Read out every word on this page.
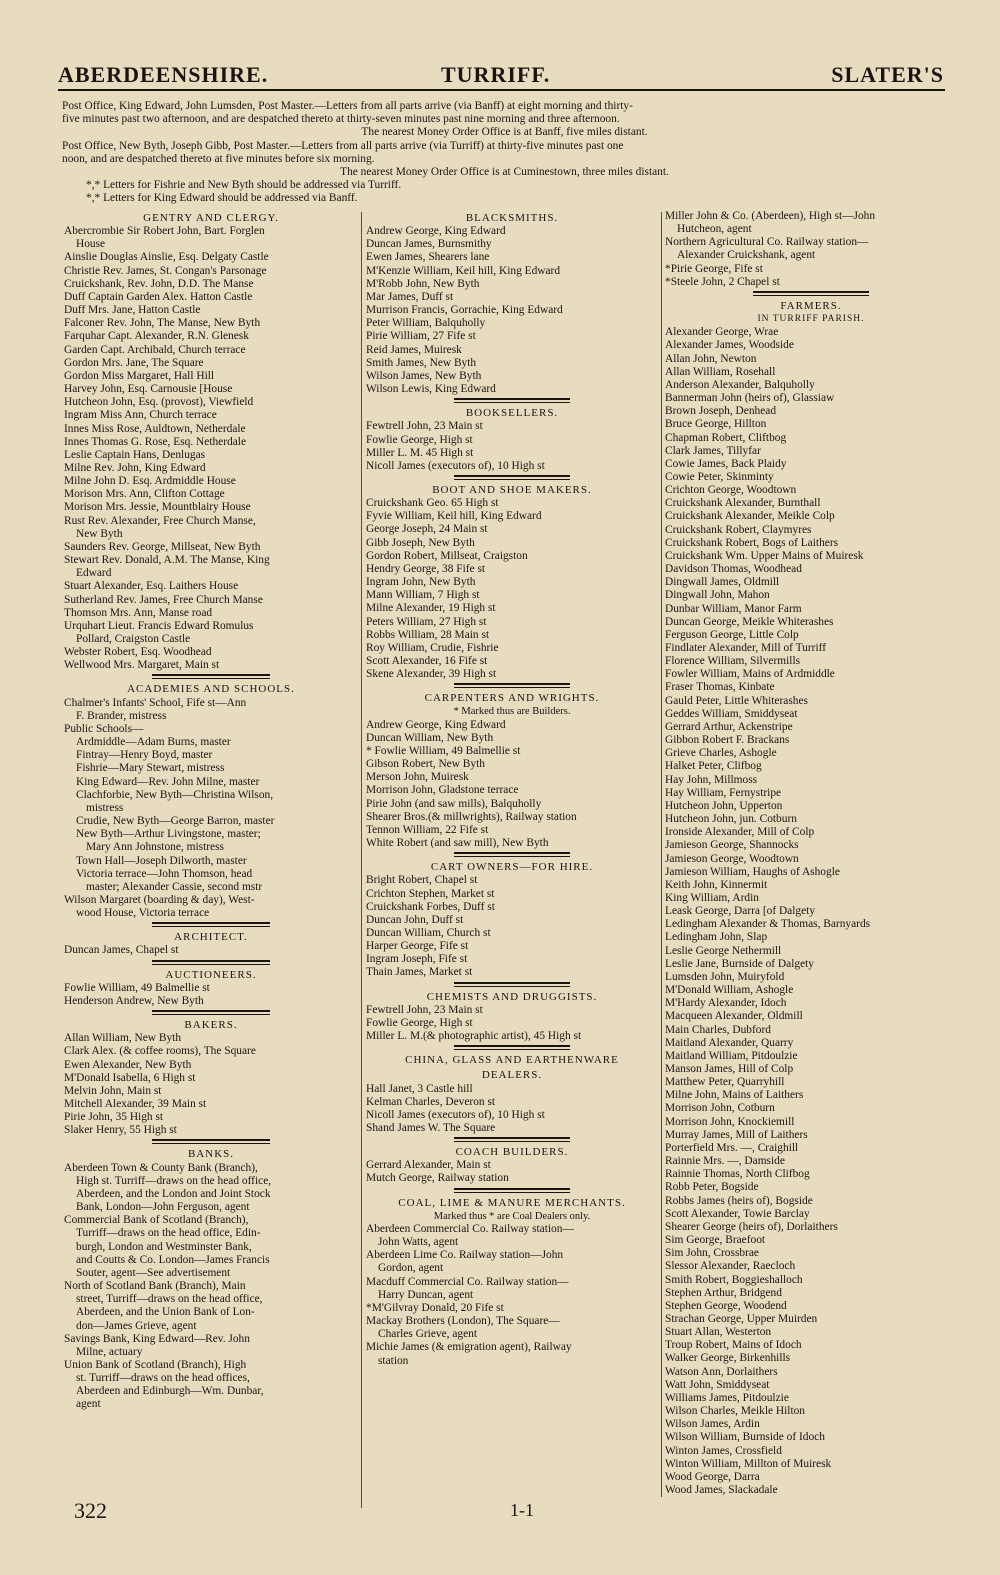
ABERDEENSHIRE.	TURRIFF.	SLATER'S
Post Office, King Edward, John Lumsden, Post Master.—Letters from all parts arrive (via Banff) at eight morning and thirty-
five minutes past two afternoon, and are despatched thereto at thirty-seven minutes past nine morning and three afternoon.
The nearest Money Order Office is at Banff, five miles distant.
Post Office, New Byth, Joseph Gibb, Post Master.—Letters from all parts arrive (via Turriff) at thirty-five minutes past one
noon, and are despatched thereto at five minutes before six morning.
The nearest Money Order Office is at Cuminestown, three miles distant.
*,* Letters for Fishrie and New Byth should be addressed via Turriff.
*,* Letters for King Edward should be addressed via Banff.
GENTRY AND CLERGY.
Abercrombie Sir Robert John, Bart. Forglen
House
Ainslie Douglas Ainslie, Esq. Delgaty Castle
Christie Rev. James, St. Congan's Parsonage
Cruickshank, Rev. John, D.D. The Manse
Duff Captain Garden Alex. Hatton Castle
Duff Mrs. Jane, Hatton Castle
Falconer Rev. John, The Manse, New Byth
Farquhar Capt. Alexander, R.N. Glenesk
Garden Capt. Archibald, Church terrace
Gordon Mrs. Jane, The Square
Gordon Miss Margaret, Hall Hill
Harvey John, Esq. Carnousie [House
Hutcheon John, Esq. (provost), Viewfield
Ingram Miss Ann, Church terrace
Innes Miss Rose, Auldtown, Netherdale
Innes Thomas G. Rose, Esq. Netherdale
Leslie Captain Hans, Denlugas
Milne Rev. John, King Edward
Milne John D. Esq. Ardmiddle House
Morison Mrs. Ann, Clifton Cottage
Morison Mrs. Jessie, Mountblairy House
Rust Rev. Alexander, Free Church Manse,
New Byth
Saunders Rev. George, Millseat, New Byth
Stewart Rev. Donald, A.M. The Manse, King
Edward
Stuart Alexander, Esq. Laithers House
Sutherland Rev. James, Free Church Manse
Thomson Mrs. Ann, Manse road
Urquhart Lieut. Francis Edward Romulus
Pollard, Craigston Castle
Webster Robert, Esq. Woodhead
Wellwood Mrs. Margaret, Main st
ACADEMIES AND SCHOOLS.
Chalmer's Infants' School, Fife st—Ann
F. Brander, mistress
Public Schools—
Ardmiddle—Adam Burns, master
Fintray—Henry Boyd, master
Fishrie—Mary Stewart, mistress
King Edward—Rev. John Milne, master
Clachforbie, New Byth—Christina Wilson,
mistress
Crudie, New Byth—George Barron, master
New Byth—Arthur Livingstone, master;
Mary Ann Johnstone, mistress
Town Hall—Joseph Dilworth, master
Victoria terrace—John Thomson, head
master; Alexander Cassie, second mstr
Wilson Margaret (boarding & day), West-
wood House, Victoria terrace
ARCHITECT.
Duncan James, Chapel st
AUCTIONEERS.
Fowlie William, 49 Balmellie st
Henderson Andrew, New Byth
BAKERS.
Allan William, New Byth
Clark Alex. (& coffee rooms), The Square
Ewen Alexander, New Byth
M'Donald Isabella, 6 High st
Melvin John, Main st
Mitchell Alexander, 39 Main st
Pirie John, 35 High st
Slaker Henry, 55 High st
BANKS.
Aberdeen Town & County Bank (Branch),
High st. Turriff—draws on the head office,
Aberdeen, and the London and Joint Stock
Bank, London—John Ferguson, agent
Commercial Bank of Scotland (Branch),
Turriff—draws on the head office, Edin-
burgh, London and Westminster Bank,
and Coutts & Co. London—James Francis
Souter, agent—See advertisement
North of Scotland Bank (Branch), Main
street, Turriff—draws on the head office,
Aberdeen, and the Union Bank of Lon-
don—James Grieve, agent
Savings Bank, King Edward—Rev. John
Milne, actuary
Union Bank of Scotland (Branch), High
st. Turriff—draws on the head offices,
Aberdeen and Edinburgh—Wm. Dunbar,
agent
BLACKSMITHS.
Andrew George, King Edward
Duncan James, Burnsmithy
Ewen James, Shearers lane
M'Kenzie William, Keil hill, King Edward
M'Robb John, New Byth
Mar James, Duff st
Murrison Francis, Gorrachie, King Edward
Peter William, Balquholly
Pirie William, 27 Fife st
Reid James, Muiresk
Smith James, New Byth
Wilson James, New Byth
Wilson Lewis, King Edward
BOOKSELLERS.
Fewtrell John, 23 Main st
Fowlie George, High st
Miller L. M. 45 High st
Nicoll James (executors of), 10 High st
BOOT AND SHOE MAKERS.
Cruickshank Geo. 65 High st
Fyvie William, Keil hill, King Edward
George Joseph, 24 Main st
Gibb Joseph, New Byth
Gordon Robert, Millseat, Craigston
Hendry George, 38 Fife st
Ingram John, New Byth
Mann William, 7 High st
Milne Alexander, 19 High st
Peters William, 27 High st
Robbs William, 28 Main st
Roy William, Crudie, Fishrie
Scott Alexander, 16 Fife st
Skene Alexander, 39 High st
CARPENTERS AND WRIGHTS.
* Marked thus are Builders.
Andrew George, King Edward
Duncan William, New Byth
* Fowlie William, 49 Balmellie st
Gibson Robert, New Byth
Merson John, Muiresk
Morrison John, Gladstone terrace
Pirie John (and saw mills), Balquholly
Shearer Bros.(& millwrights), Railway station
Tennon William, 22 Fife st
White Robert (and saw mill), New Byth
CART OWNERS—FOR HIRE.
Bright Robert, Chapel st
Crichton Stephen, Market st
Cruickshank Forbes, Duff st
Duncan John, Duff st
Duncan William, Church st
Harper George, Fife st
Ingram Joseph, Fife st
Thain James, Market st
CHEMISTS AND DRUGGISTS.
Fewtrell John, 23 Main st
Fowlie George, High st
Miller L. M.(& photographic artist), 45 High st
CHINA, GLASS AND EARTHENWARE
DEALERS.
Hall Janet, 3 Castle hill
Kelman Charles, Deveron st
Nicoll James (executors of), 10 High st
Shand James W. The Square
COACH BUILDERS.
Gerrard Alexander, Main st
Mutch George, Railway station
COAL, LIME & MANURE MERCHANTS.
Marked thus * are Coal Dealers only.
Aberdeen Commercial Co. Railway station—
John Watts, agent
Aberdeen Lime Co. Railway station—John
Gordon, agent
Macduff Commercial Co. Railway station—
Harry Duncan, agent
*M'Gilvray Donald, 20 Fife st
Mackay Brothers (London), The Square—
Charles Grieve, agent
Michie James (& emigration agent), Railway
station
Miller John & Co. (Aberdeen), High st—John
Hutcheon, agent
Northern Agricultural Co. Railway station—
Alexander Cruickshank, agent
*Pirie George, Fife st
*Steele John, 2 Chapel st
FARMERS.
IN TURRIFF PARISH.
Alexander George, Wrae
Alexander James, Woodside
Allan John, Newton
Allan William, Rosehall
Anderson Alexander, Balquholly
Bannerman John (heirs of), Glassiaw
Brown Joseph, Denhead
Bruce George, Hillton
Chapman Robert, Cliftbog
Clark James, Tillyfar
Cowie James, Back Plaidy
Cowie Peter, Skinminty
Crichton George, Woodtown
Cruickshank Alexander, Burnthall
Cruickshank Alexander, Meikle Colp
Cruickshank Robert, Claymyres
Cruickshank Robert, Bogs of Laithers
Cruickshank Wm. Upper Mains of Muiresk
Davidson Thomas, Woodhead
Dingwall James, Oldmill
Dingwall John, Mahon
Dunbar William, Manor Farm
Duncan George, Meikle Whiterashes
Ferguson George, Little Colp
Findlater Alexander, Mill of Turriff
Florence William, Silvermills
Fowler William, Mains of Ardmiddle
Fraser Thomas, Kinbate
Gauld Peter, Little Whiterashes
Geddes William, Smiddyseat
Gerrard Arthur, Ackenstripe
Gibbon Robert F. Brackans
Grieve Charles, Ashogle
Halket Peter, Clifbog
Hay John, Millmoss
Hay William, Fernystripe
Hutcheon John, Upperton
Hutcheon John, jun. Cotburn
Ironside Alexander, Mill of Colp
Jamieson George, Shannocks
Jamieson George, Woodtown
Jamieson William, Haughs of Ashogle
Keith John, Kinnermit
King William, Ardin
Leask George, Darra [of Dalgety
Ledingham Alexander & Thomas, Barnyards
Ledingham John, Slap
Leslie George Nethermill
Leslie Jane, Burnside of Dalgety
Lumsden John, Muiryfold
M'Donald William, Ashogle
M'Hardy Alexander, Idoch
Macqueen Alexander, Oldmill
Main Charles, Dubford
Maitland Alexander, Quarry
Maitland William, Pitdoulzie
Manson James, Hill of Colp
Matthew Peter, Quarryhill
Milne John, Mains of Laithers
Morrison John, Cotburn
Morrison John, Knockiemill
Murray James, Mill of Laithers
Porterfield Mrs. —, Craighill
Rainnie Mrs. —, Damside
Rainnie Thomas, North Clifbog
Robb Peter, Bogside
Robbs James (heirs of), Bogside
Scott Alexander, Towie Barclay
Shearer George (heirs of), Dorlaithers
Sim George, Braefoot
Sim John, Crossbrae
Slessor Alexander, Raecloch
Smith Robert, Boggieshalloch
Stephen Arthur, Bridgend
Stephen George, Woodend
Strachan George, Upper Muirden
Stuart Allan, Westerton
Troup Robert, Mains of Idoch
Walker George, Birkenhills
Watson Ann, Dorlaithers
Watt John, Smiddyseat
Williams James, Pitdoulzie
Wilson Charles, Meikle Hilton
Wilson James, Ardin
Wilson William, Burnside of Idoch
Winton James, Crossfield
Winton William, Millton of Muiresk
Wood George, Darra
Wood James, Slackadale
322	1-1
